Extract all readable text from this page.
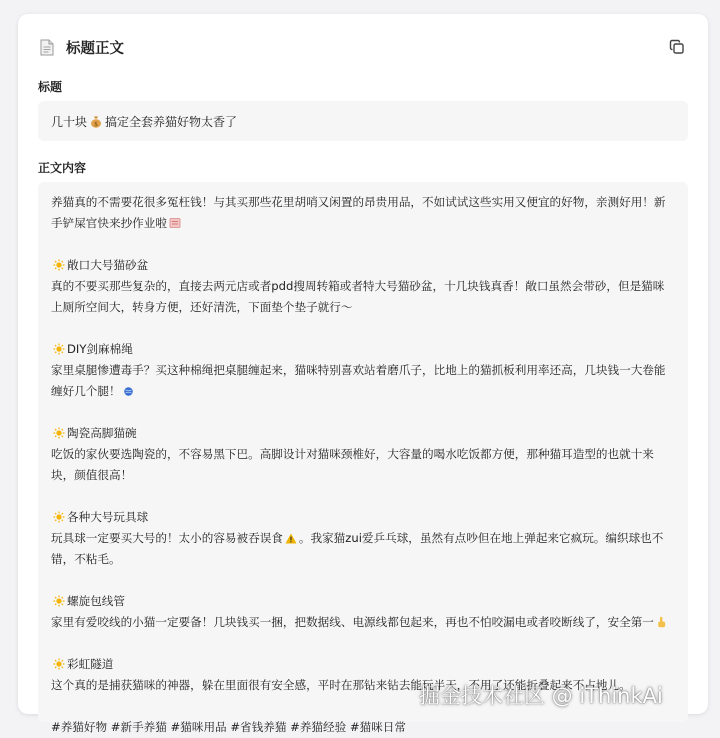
标题正文
标题
几十块 $ 搞定全套养猫好物太香了
正文内容

养猫真的不需要花很多冤枉钱！与其买那些花里胡哨又闲置的昂贵用品，不如试试这些实用又便宜的好物，亲测好用！新手铲屎官快来抄作业啦

敞口大号猫砂盆
真的不要买那些复杂的，直接去两元店或者pdd搜周转箱或者特大号猫砂盆，十几块钱真香！敞口虽然会带砂，但是猫咪上厕所空间大，转身方便，还好清洗，下面垫个垫子就行～

DIY剑麻棉绳
家里桌腿惨遭毒手？买这种棉绳把桌腿缠起来，猫咪特别喜欢站着磨爪子，比地上的猫抓板利用率还高，几块钱一大卷能缠好几个腿！

陶瓷高脚猫碗
吃饭的家伙要选陶瓷的，不容易黑下巴。高脚设计对猫咪颈椎好，大容量的喝水吃饭都方便，那种猫耳造型的也就十来块，颜值很高！

各种大号玩具球
玩具球一定要买大号的！太小的容易被吞误食 。我家猫zui爱乒乓球，虽然有点吵但在地上弹起来它疯玩。编织球也不错，不粘毛。

螺旋包线管
家里有爱咬线的小猫一定要备！几块钱买一捆，把数据线、电源线都包起来，再也不怕咬漏电或者咬断线了，安全第一

彩虹隧道
这个真的是捕获猫咪的神器，躲在里面很有安全感，平时在那钻来钻去能玩半天，不用了还能折叠起来不占地儿。

#养猫好物 #新手养猫 #猫咪用品 #省钱养猫 #养猫经验 #猫咪日常

掘金技术社区 @ iThinkAi
